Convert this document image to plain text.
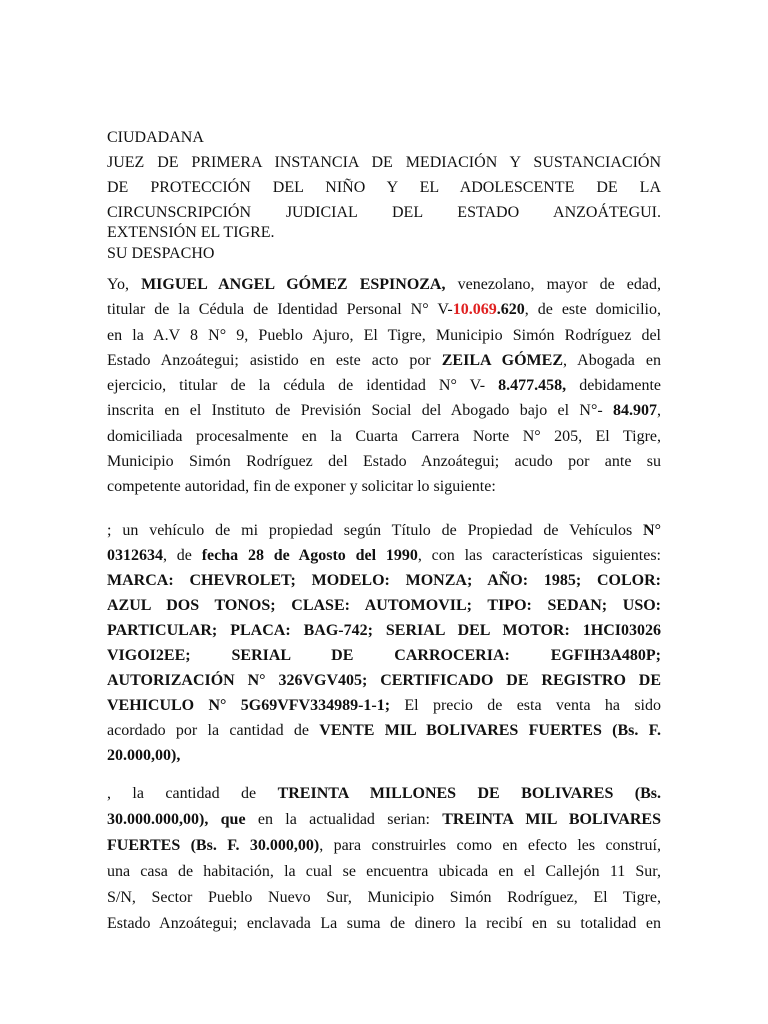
CIUDADANA
JUEZ DE PRIMERA INSTANCIA DE MEDIACIÓN Y SUSTANCIACIÓN
DE PROTECCIÓN DEL NIÑO Y EL ADOLESCENTE DE LA
CIRCUNSCRIPCIÓN JUDICIAL DEL ESTADO ANZOÁTEGUI.
EXTENSIÓN EL TIGRE.
SU DESPACHO
Yo, MIGUEL ANGEL GÓMEZ ESPINOZA, venezolano, mayor de edad,
titular de la Cédula de Identidad Personal N° V-10.069.620, de este domicilio,
en la A.V 8 N° 9, Pueblo Ajuro, El Tigre, Municipio Simón Rodríguez del
Estado Anzoátegui; asistido en este acto por ZEILA GÓMEZ, Abogada en
ejercicio, titular de la cédula de identidad N° V- 8.477.458, debidamente
inscrita en el Instituto de Previsión Social del Abogado bajo el N°- 84.907,
domiciliada procesalmente en la Cuarta Carrera Norte N° 205, El Tigre,
Municipio Simón Rodríguez del Estado Anzoátegui; acudo por ante su
competente autoridad, fin de exponer y solicitar lo siguiente:
; un vehículo de mi propiedad según Título de Propiedad de Vehículos N°
0312634, de fecha 28 de Agosto del 1990, con las características siguientes:
MARCA: CHEVROLET; MODELO: MONZA; AÑO: 1985; COLOR:
AZUL DOS TONOS; CLASE: AUTOMOVIL; TIPO: SEDAN; USO:
PARTICULAR; PLACA: BAG-742; SERIAL DEL MOTOR: 1HCI03026
VIGOI2EE; SERIAL DE CARROCERIA: EGFIH3A480P;
AUTORIZACIÓN N° 326VGV405; CERTIFICADO DE REGISTRO DE
VEHICULO N° 5G69VFV334989-1-1; El precio de esta venta ha sido
acordado por la cantidad de VENTE MIL BOLIVARES FUERTES (Bs. F.
20.000,00),
, la cantidad de TREINTA MILLONES DE BOLIVARES (Bs.
30.000.000,00), que en la actualidad serian: TREINTA MIL BOLIVARES
FUERTES (Bs. F. 30.000,00), para construirles como en efecto les construí,
una casa de habitación, la cual se encuentra ubicada en el Callejón 11 Sur,
S/N, Sector Pueblo Nuevo Sur, Municipio Simón Rodríguez, El Tigre,
Estado Anzoátegui; enclavada La suma de dinero la recibí en su totalidad en
